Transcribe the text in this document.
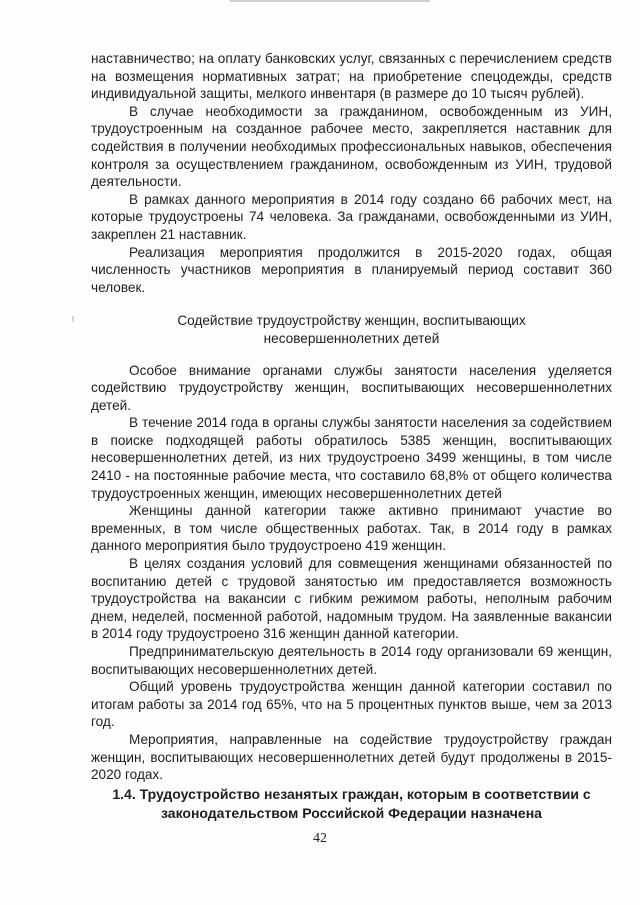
наставничество; на оплату банковских услуг, связанных с перечислением средств на возмещения нормативных затрат; на приобретение спецодежды, средств индивидуальной защиты, мелкого инвентаря (в размере до 10 тысяч рублей).

В случае необходимости за гражданином, освобожденным из УИН, трудоустроенным на созданное рабочее место, закрепляется наставник для содействия в получении необходимых профессиональных навыков, обеспечения контроля за осуществлением гражданином, освобожденным из УИН, трудовой деятельности.

В рамках данного мероприятия в 2014 году создано 66 рабочих мест, на которые трудоустроены 74 человека. За гражданами, освобожденными из УИН, закреплен 21 наставник.

Реализация мероприятия продолжится в 2015-2020 годах, общая численность участников мероприятия в планируемый период составит 360 человек.

Содействие трудоустройству женщин, воспитывающих

несовершеннолетних детей

Особое внимание органами службы занятости населения уделяется содействию трудоустройству женщин, воспитывающих несовершеннолетних детей.

В течение 2014 года в органы службы занятости населения за содействием в поиске подходящей работы обратилось 5385 женщин, воспитывающих несовершеннолетних детей, из них трудоустроено 3499 женщины, в том числе 2410 - на постоянные рабочие места, что составило 68,8% от общего количества трудоустроенных женщин, имеющих несовершеннолетних детей

Женщины данной категории также активно принимают участие во временных, в том числе общественных работах. Так, в 2014 году в рамках данного мероприятия было трудоустроено 419 женщин.

В целях создания условий для совмещения женщинами обязанностей по воспитанию детей с трудовой занятостью им предоставляется возможность трудоустройства на вакансии с гибким режимом работы, неполным рабочим днем, неделей, посменной работой, надомным трудом. На заявленные вакансии в 2014 году трудоустроено 316 женщин данной категории.

Предпринимательскую деятельность в 2014 году организовали 69 женщин, воспитывающих несовершеннолетних детей.

Общий уровень трудоустройства женщин данной категории составил по итогам работы за 2014 год 65%, что на 5 процентных пунктов выше, чем за 2013 год.

Мероприятия, направленные на содействие трудоустройству граждан женщин, воспитывающих несовершеннолетних детей будут продолжены в 2015-2020 годах.

1.4. Трудоустройство незанятых граждан, которым в соответствии с

законодательством Российской Федерации назначена

42
